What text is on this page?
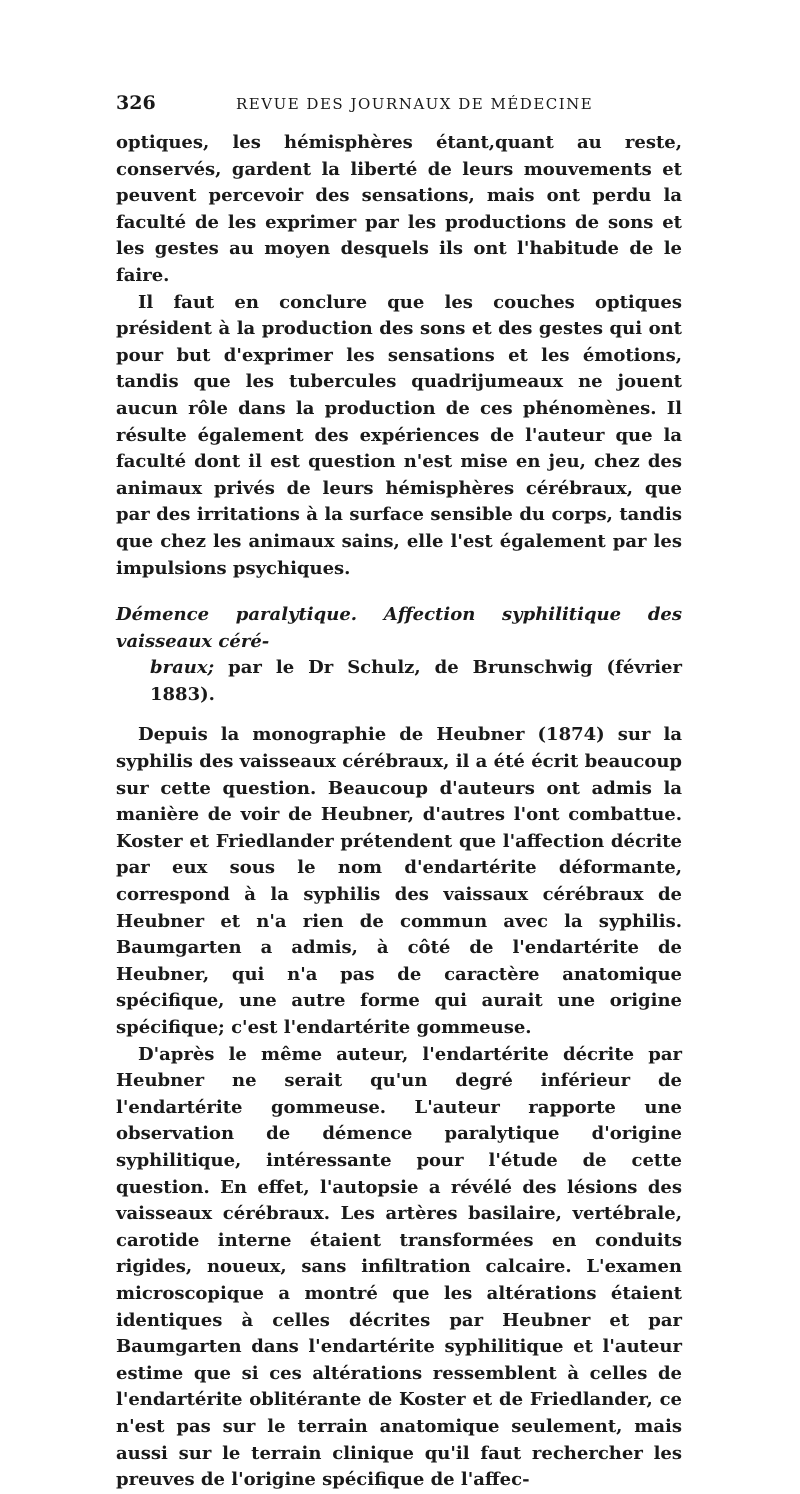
326	REVUE DES JOURNAUX DE MÉDECINE

optiques, les hémisphères étant,quant au reste, conservés, gardent la liberté de leurs mouvements et peuvent percevoir des sensations, mais ont perdu la faculté de les exprimer par les productions de sons et les gestes au moyen desquels ils ont l'habitude de le faire.

Il faut en conclure que les couches optiques président à la production des sons et des gestes qui ont pour but d'exprimer les sensations et les émotions, tandis que les tubercules quadrijumeaux ne jouent aucun rôle dans la production de ces phénomènes. Il résulte également des expériences de l'auteur que la faculté dont il est question n'est mise en jeu, chez des animaux privés de leurs hémisphères cérébraux, que par des irritations à la surface sensible du corps, tandis que chez les animaux sains, elle l'est également par les impulsions psychiques.

Démence paralytique. Affection syphilitique des vaisseaux céré-
braux; par le Dr Schulz, de Brunschwig (février 1883).

Depuis la monographie de Heubner (1874) sur la syphilis des vaisseaux cérébraux, il a été écrit beaucoup sur cette question. Beaucoup d'auteurs ont admis la manière de voir de Heubner, d'autres l'ont combattue. Koster et Friedlander prétendent que l'affection décrite par eux sous le nom d'endartérite déformante, correspond à la syphilis des vaissaux cérébraux de Heubner et n'a rien de commun avec la syphilis. Baumgarten a admis, à côté de l'endartérite de Heubner, qui n'a pas de caractère anatomique spécifique, une autre forme qui aurait une origine spécifique; c'est l'endartérite gommeuse.

D'après le même auteur, l'endartérite décrite par Heubner ne serait qu'un degré inférieur de l'endartérite gommeuse. L'auteur rapporte une observation de démence paralytique d'origine syphilitique, intéressante pour l'étude de cette question. En effet, l'autopsie a révélé des lésions des vaisseaux cérébraux. Les artères basilaire, vertébrale, carotide interne étaient transformées en conduits rigides, noueux, sans infiltration calcaire. L'examen microscopique a montré que les altérations étaient identiques à celles décrites par Heubner et par Baumgarten dans l'endartérite syphilitique et l'auteur estime que si ces altérations ressemblent à celles de l'endartérite oblitérante de Koster et de Friedlander, ce n'est pas sur le terrain anatomique seulement, mais aussi sur le terrain clinique qu'il faut rechercher les preuves de l'origine spécifique de l'affec-
